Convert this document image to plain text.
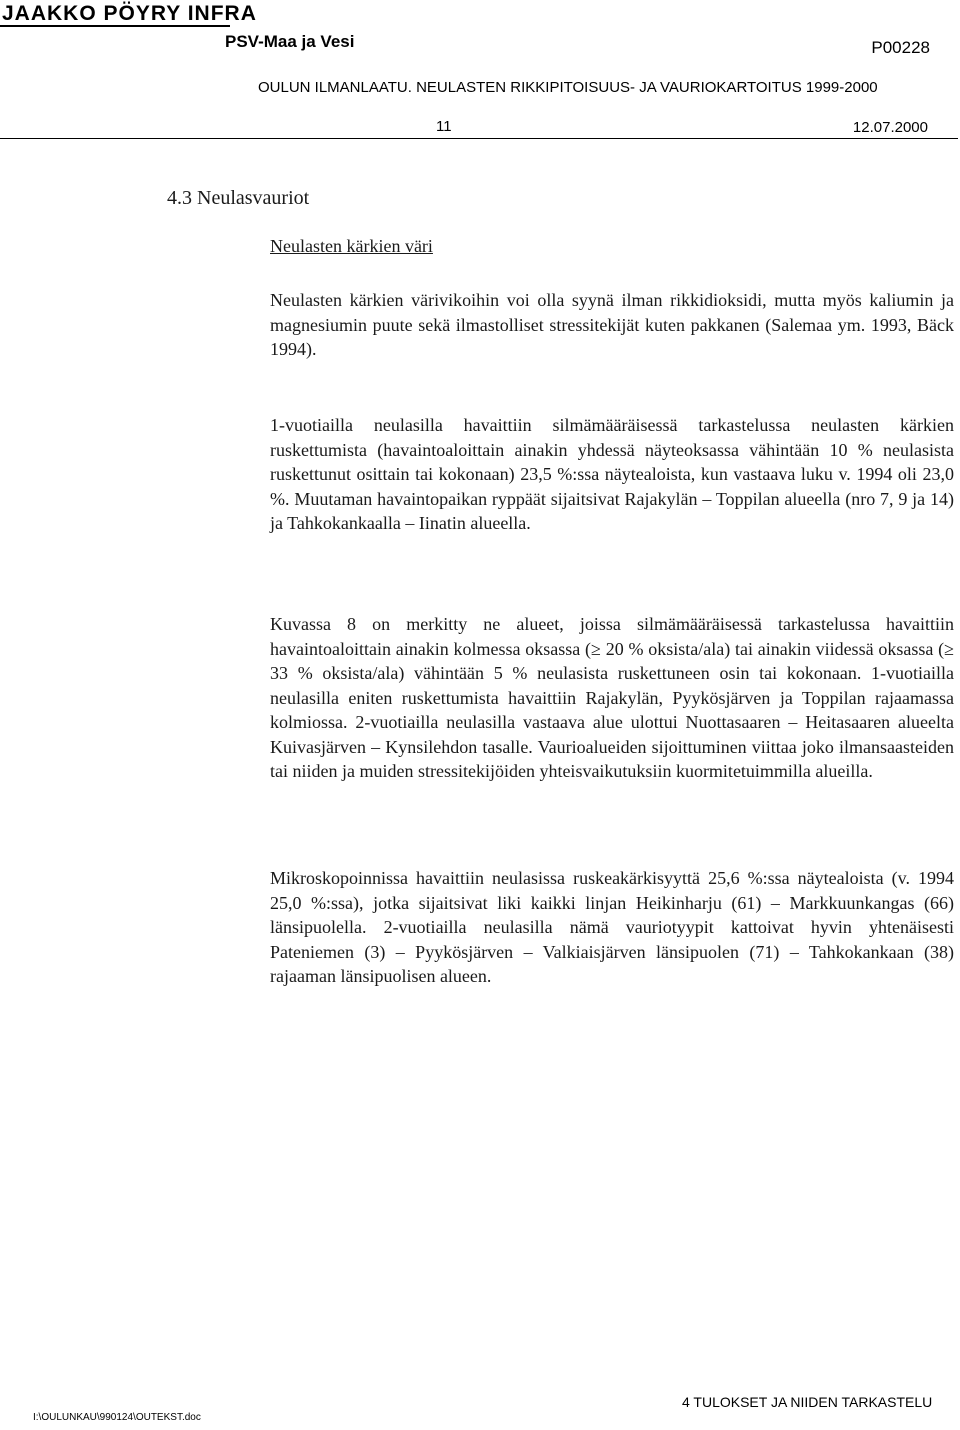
JAAKKO PÖYRY INFRA
PSV-Maa ja Vesi	P00228
OULUN ILMANLAATU. NEULASTEN RIKKIPITOISUUS- JA VAURIOKARTOITUS 1999-2000
11	12.07.2000
4.3 Neulasvauriot
Neulasten kärkien väri

Neulasten kärkien värivikoihin voi olla syynä ilman rikkidioksidi, mutta myös kaliumin ja magnesiumin puute sekä ilmastolliset stressitekijät kuten pakkanen (Salemaa ym. 1993, Bäck 1994).

1-vuotiailla neulasilla havaittiin silmämääräisessä tarkastelussa neulasten kärkien ruskettumista (havaintoaloittain ainakin yhdessä näyteoksassa vähintään 10 % neulasista ruskettunut osittain tai kokonaan) 23,5 %:ssa näytealoista, kun vastaava luku v. 1994 oli 23,0 %. Muutaman havaintopaikan ryppäät sijaitsivat Rajakylän – Toppilan alueella (nro 7, 9 ja 14) ja Tahkokankaalla – Iinatin alueella.

Kuvassa 8 on merkitty ne alueet, joissa silmämääräisessä tarkastelussa havaittiin havaintoaloittain ainakin kolmessa oksassa (≥ 20 % oksista/ala) tai ainakin viidessä oksassa (≥ 33 % oksista/ala) vähintään 5 % neulasista ruskettuneen osin tai kokonaan. 1-vuotiailla neulasilla eniten ruskettumista havaittiin Rajakylän, Pyykösjärven ja Toppilan rajaamassa kolmiossa. 2-vuotiailla neulasilla vastaava alue ulottui Nuottasaaren – Heitasaaren alueelta Kuivasjärven – Kynsilehdon tasalle. Vaurioalueiden sijoittuminen viittaa joko ilmansaasteiden tai niiden ja muiden stressitekijöiden yhteisvaikutuksiin kuormitetuimmilla alueilla.

Mikroskopoinnissa havaittiin neulasissa ruskeakärkisyyttä 25,6 %:ssa näytealoista (v. 1994 25,0 %:ssa), jotka sijaitsivat liki kaikki linjan Heikinharju (61) – Markkuunkangas (66) länsipuolella. 2-vuotiailla neulasilla nämä vauriotyypit kattoivat hyvin yhtenäisesti Pateniemen (3) – Pyykösjärven – Valkiaisjärven länsipuolen (71) – Tahkokankaan (38) rajaaman länsipuolisen alueen.

I:\OULUNKAU\990124\OUTEKST.doc
4 TULOKSET JA NIIDEN TARKASTELU
